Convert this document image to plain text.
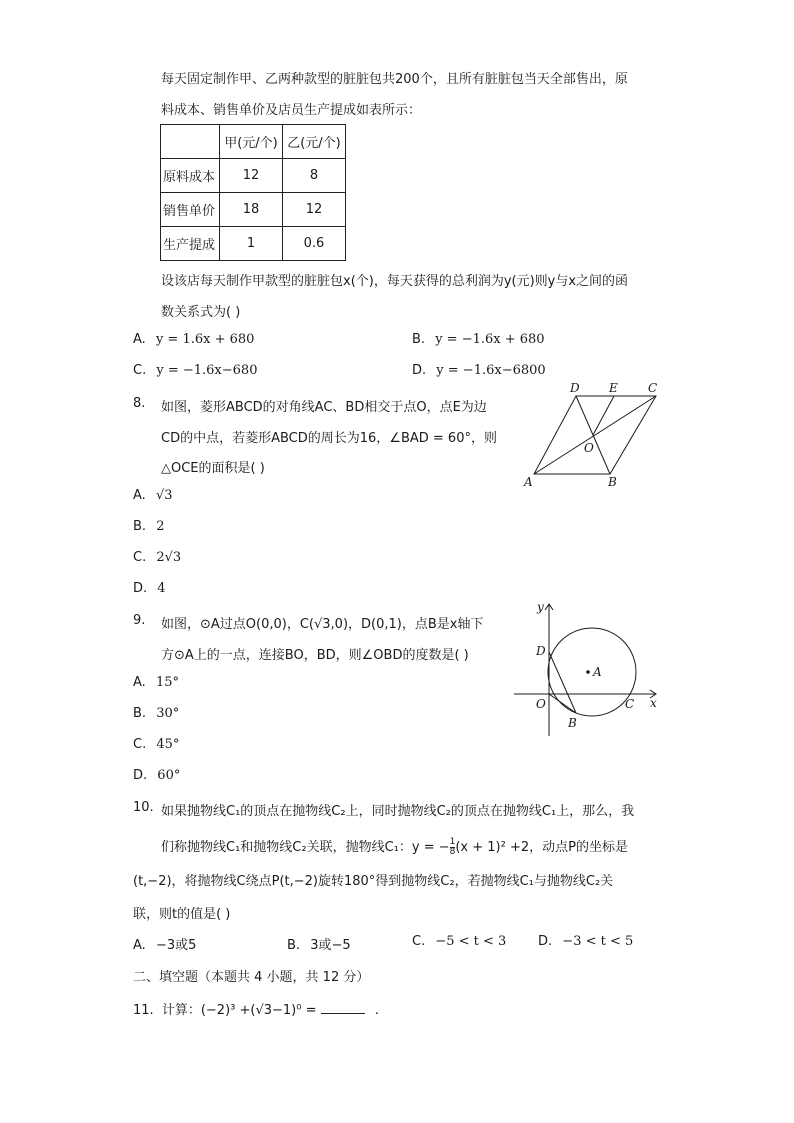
每天固定制作甲、乙两种款型的脏脏包共200个，且所有脏脏包当天全部售出，原
料成本、销售单价及店员生产提成如表所示：
	甲(元/个)	乙(元/个)
原料成本	12	8
销售单价	18	12
生产提成	1	0.6
设该店每天制作甲款型的脏脏包x(个)，每天获得的总利润为y(元)则y与x之间的函
数关系式为( )
A. y = 1.6x + 680	B. y = −1.6x + 680
C. y = −1.6x−680	D. y = −1.6x−6800
8. 如图，菱形ABCD的对角线AC、BD相交于点O，点E为边
CD的中点，若菱形ABCD的周长为16，∠BAD = 60°，则
△OCE的面积是( )
A	B
C
D E
O
A. √3
B. 2
C. 2√3
D. 4
9. 如图，⊙A过点O(0,0)，C(√3,0)，D(0,1)，点B是x轴下
方⊙A上的一点，连接BO，BD，则∠OBD的度数是( )
y
x
D
A
O
B
C
A. 15°
B. 30°
C. 45°
D. 60°
10. 如果抛物线C₁的顶点在抛物线C₂上，同时抛物线C₂的顶点在抛物线C₁上，那么，我
们称抛物线C₁和抛物线C₂关联，抛物线C₁：y = − $\frac{1}{8} (x + 1)^2 +2$，动点P的坐标是
(t,−2)，将抛物线C绕点P(t,−2)旋转180°得到抛物线C₂，若抛物线C₁与抛物线C₂关
联，则t的值是( )
A. −3或5	B. 3或−5	C. −5 < t < 3 D. −3 < t < 5
二、填空题（本题共 4 小题，共 12 分）
11. 计算：(−2)³ +(√3−1)⁰ =	.
